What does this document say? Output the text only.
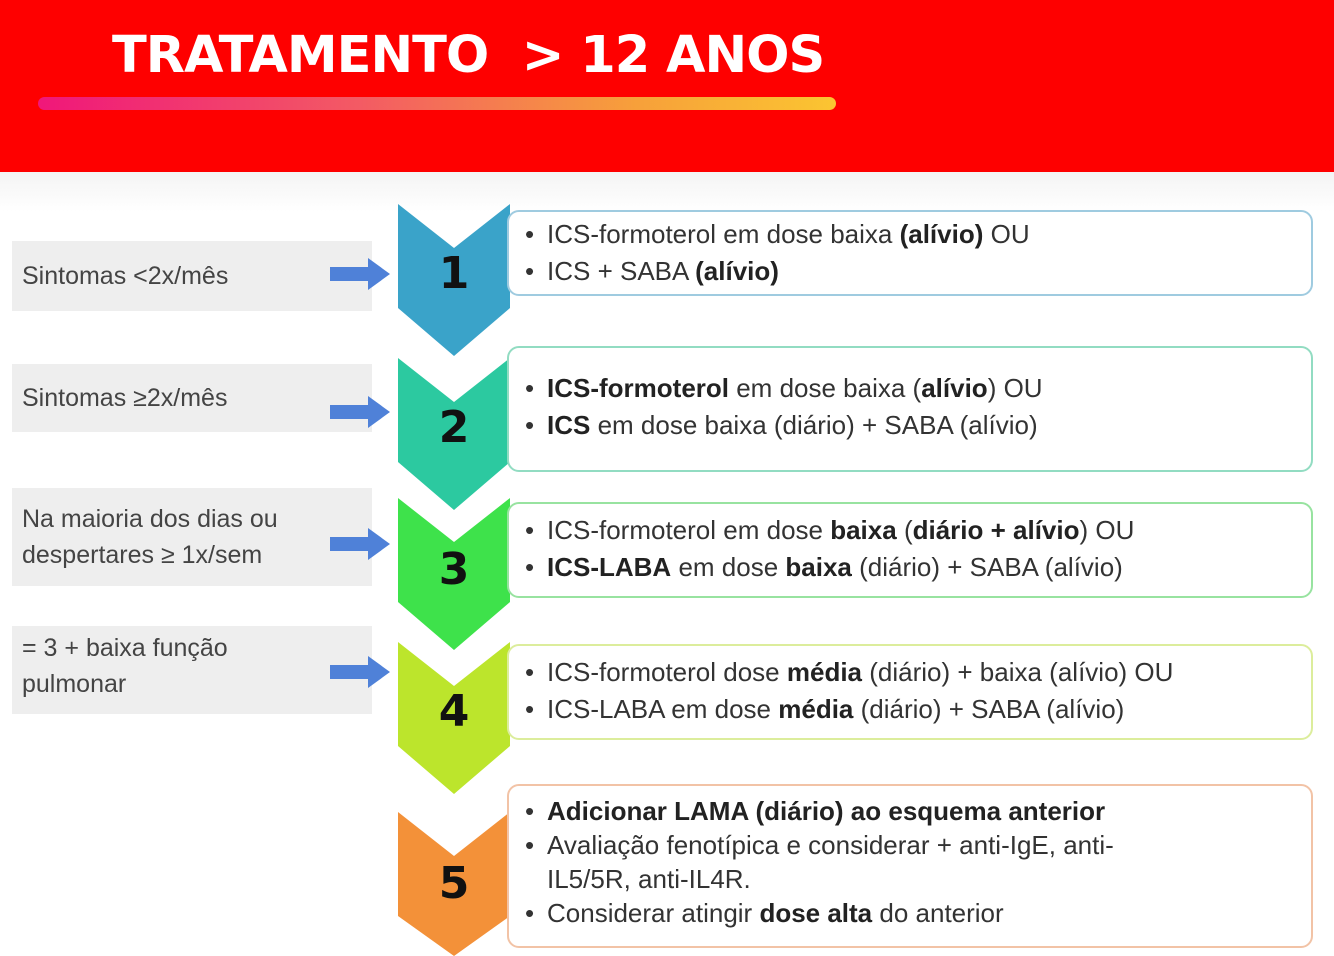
TRATAMENTO  > 12 ANOS
Sintomas <2x/mês
Sintomas ≥2x/mês
Na maioria dos dias ou despertares ≥ 1x/sem
= 3 + baixa função pulmonar
1
2
3
4
5
• ICS-formoterol em dose baixa (alívio) OU
• ICS + SABA (alívio)
• ICS-formoterol em dose baixa (alívio) OU
• ICS em dose baixa (diário) + SABA (alívio)
• ICS-formoterol em dose baixa (diário + alívio) OU
• ICS-LABA em dose baixa (diário) + SABA (alívio)
• ICS-formoterol dose média (diário) + baixa (alívio) OU
• ICS-LABA em dose média (diário) + SABA (alívio)
• Adicionar LAMA (diário) ao esquema anterior
• Avaliação fenotípica e considerar + anti-IgE, anti-
IL5/5R, anti-IL4R.
• Considerar atingir dose alta do anterior
